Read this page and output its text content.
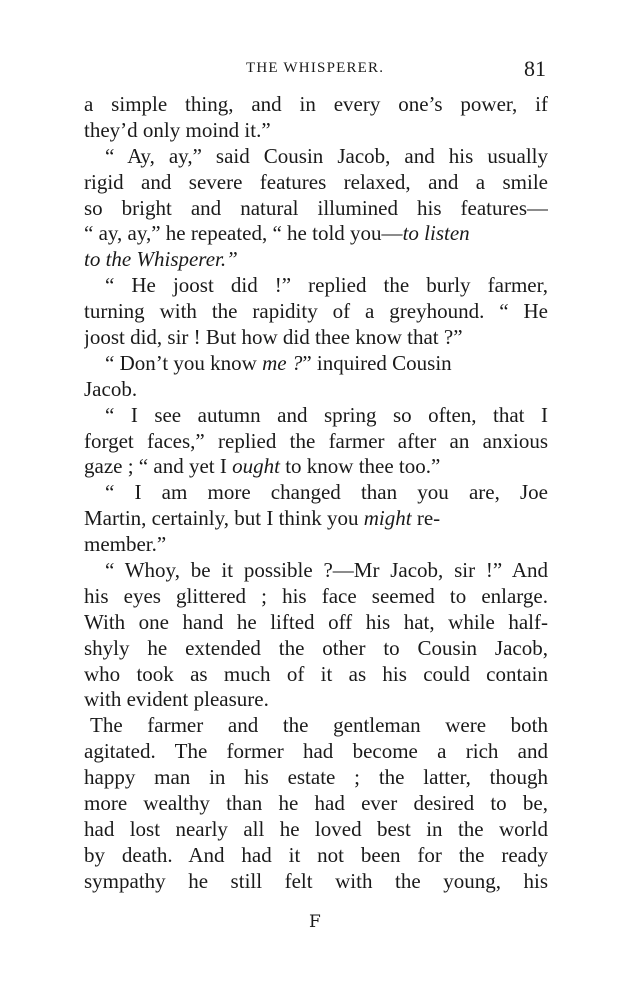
THE WHISPERER.	81
a simple thing, and in every one’s power, if
they’d only moind it.”
“ Ay, ay,” said Cousin Jacob, and his usually
rigid and severe features relaxed, and a smile
so bright and natural illumined his features—
“ ay, ay,” he repeated, “ he told you—to listen
to the Whisperer.”
“ He joost did !” replied the burly farmer,
turning with the rapidity of a greyhound. “ He
joost did, sir ! But how did thee know that ?”
“ Don’t you know me ?” inquired Cousin
Jacob.
“ I see autumn and spring so often, that I
forget faces,” replied the farmer after an anxious
gaze ; “ and yet I ought to know thee too.”
“ I am more changed than you are, Joe
Martin, certainly, but I think you might re-
member.”
“ Whoy, be it possible ?—Mr Jacob, sir !” And
his eyes glittered ; his face seemed to enlarge.
With one hand he lifted off his hat, while half-
shyly he extended the other to Cousin Jacob,
who took as much of it as his could contain
with evident pleasure.
The farmer and the gentleman were both
agitated. The former had become a rich and
happy man in his estate ; the latter, though
more wealthy than he had ever desired to be,
had lost nearly all he loved best in the world
by death. And had it not been for the ready
sympathy he still felt with the young, his
F
